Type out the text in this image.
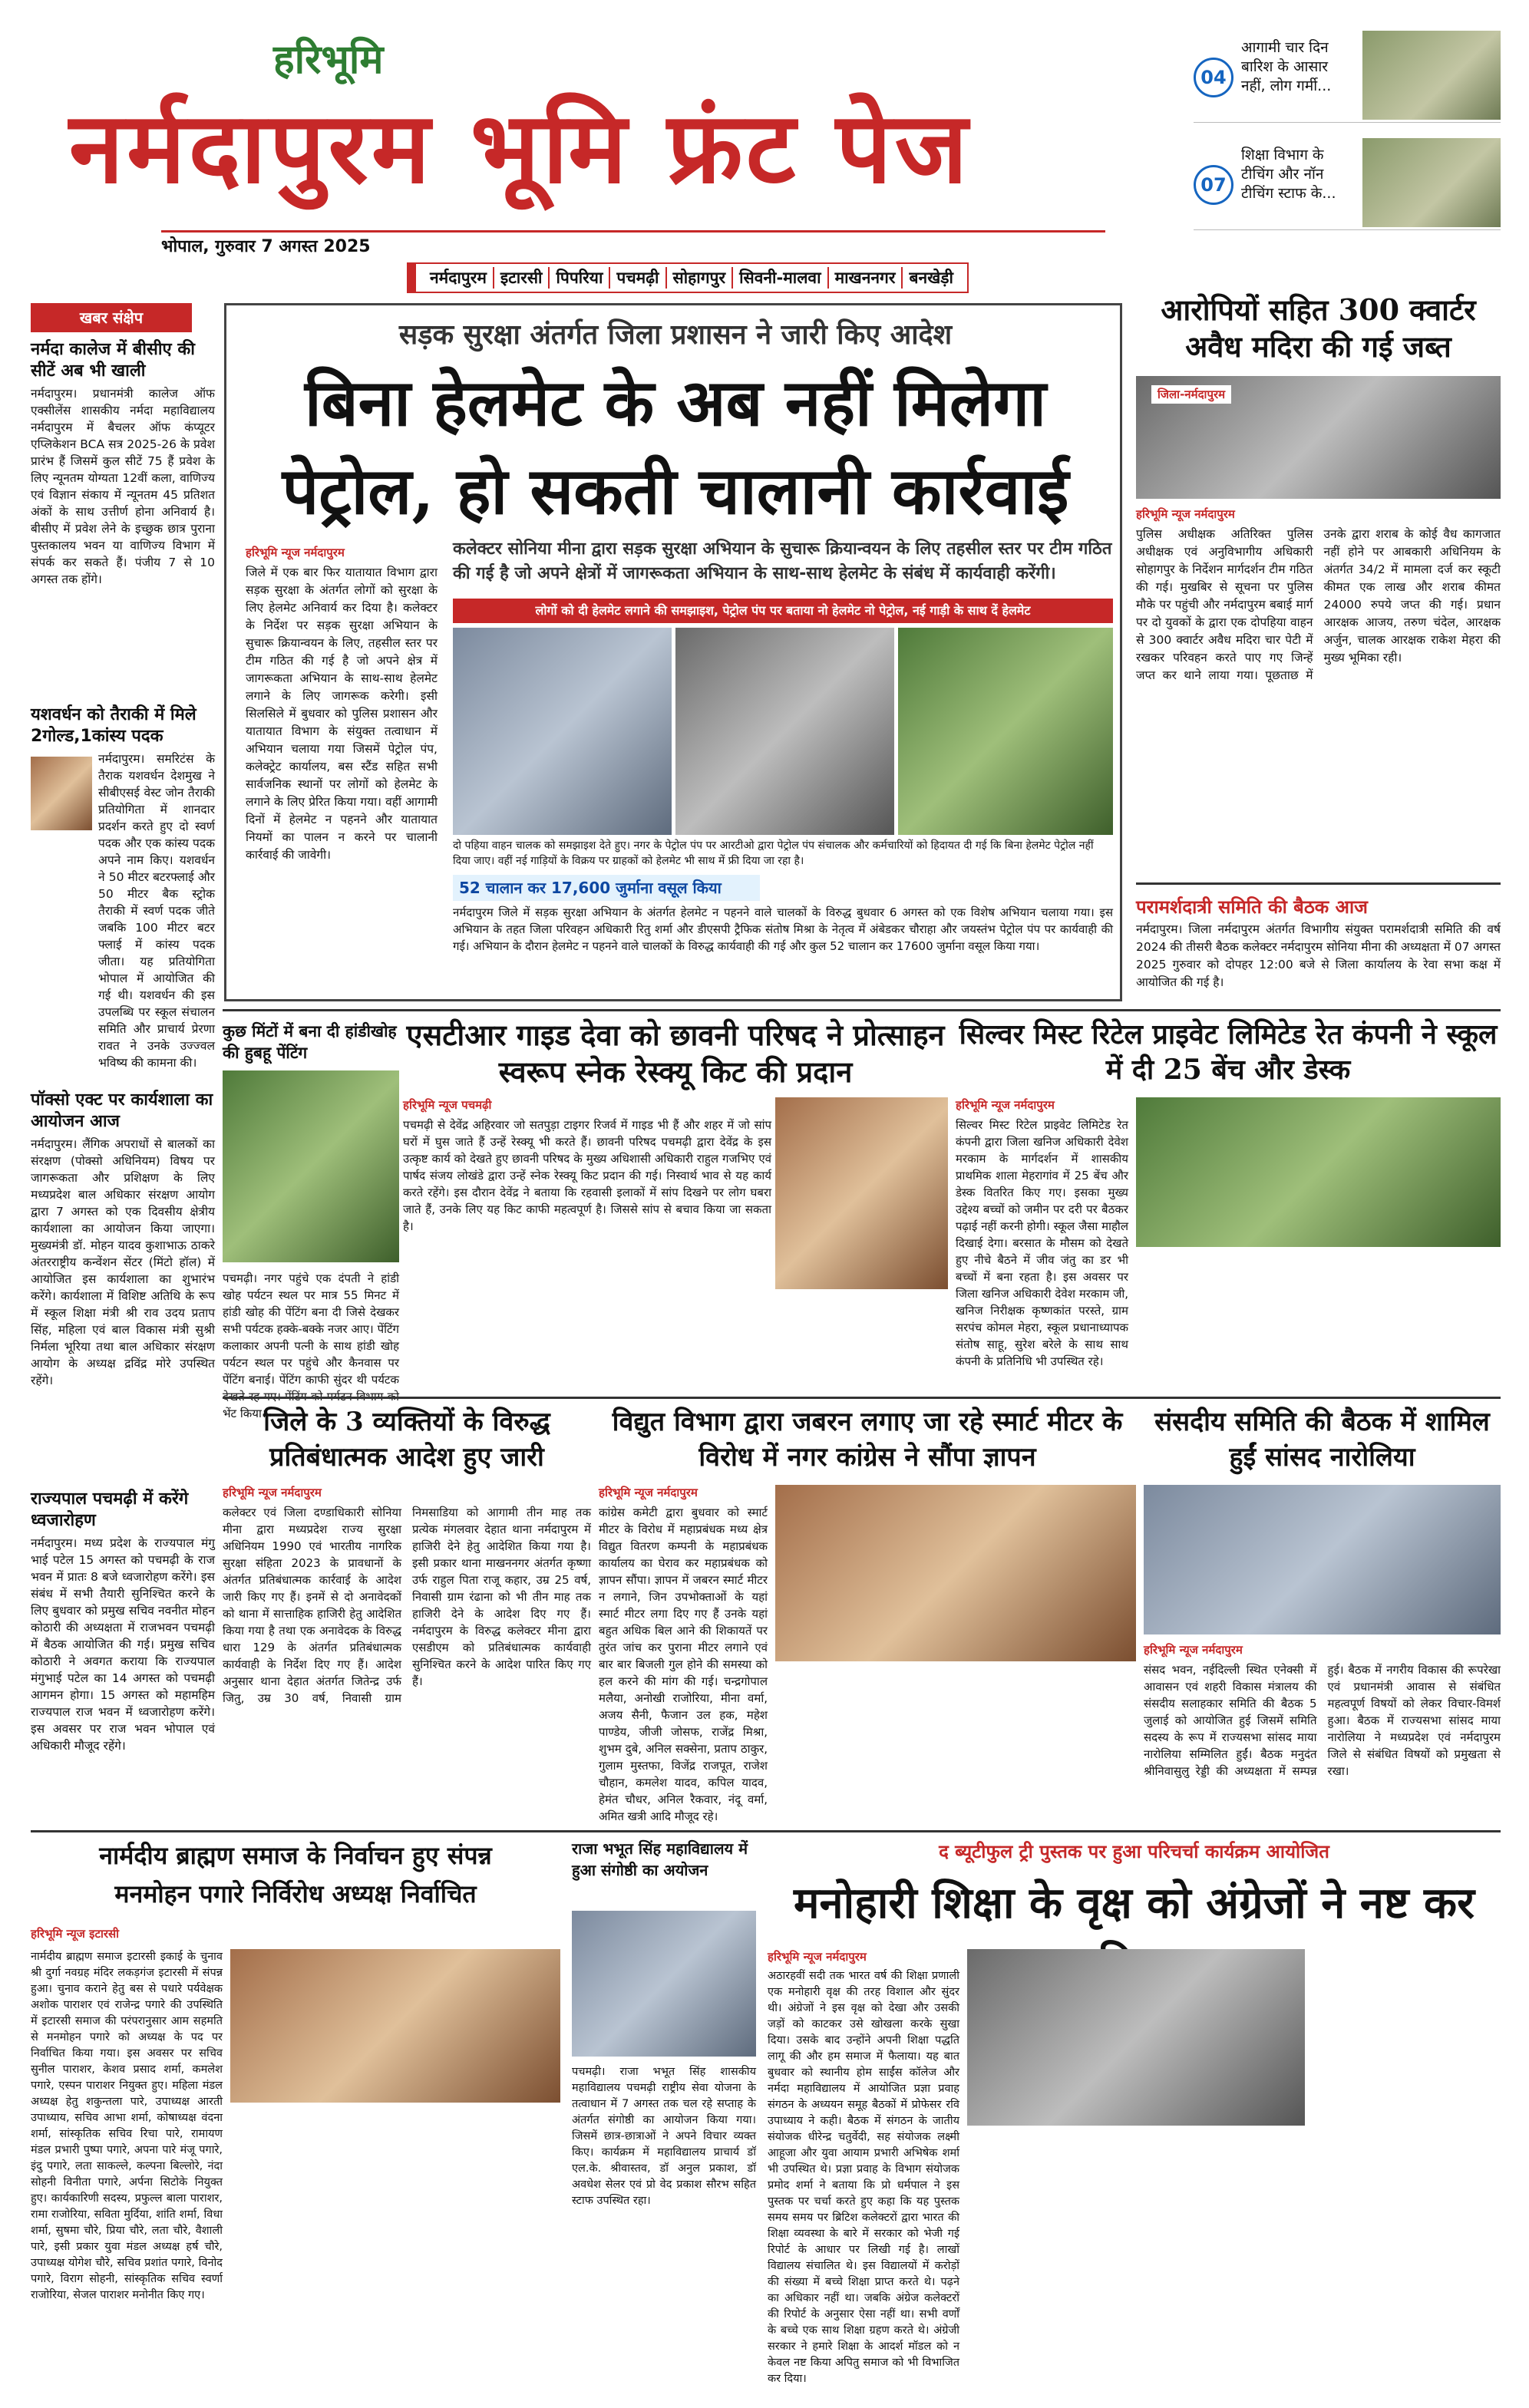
हरिभूमि
नर्मदापुरम भूमि फ्रंट पेज
भोपाल, गुरुवार 7 अगस्त 2025
04
आगामी चार दिन बारिश के आसार नहीं, लोग गर्मी...
07
शिक्षा विभाग के टीचिंग और नॉन टीचिंग स्टाफ के...
नर्मदापुरम इटारसी पिपरिया पचमढ़ी सोहागपुर सिवनी-मालवा माखननगर बनखेड़ी
खबर संक्षेप
नर्मदा कालेज में बीसीए की सीटें अब भी खाली

नर्मदापुरम। प्रधानमंत्री कालेज ऑफ एक्सीलेंस शासकीय नर्मदा महाविद्यालय नर्मदापुरम में बैचलर ऑफ कंप्यूटर एप्लिकेशन BCA सत्र 2025-26 के प्रवेश प्रारंभ हैं जिसमें कुल सीटें 75 हैं प्रवेश के लिए न्यूनतम योग्यता 12वीं कला, वाणिज्य एवं विज्ञान संकाय में न्यूनतम 45 प्रतिशत अंकों के साथ उत्तीर्ण होना अनिवार्य है। बीसीए में प्रवेश लेने के इच्छुक छात्र पुराना पुस्तकालय भवन या वाणिज्य विभाग में संपर्क कर सकते हैं। पंजीय 7 से 10 अगस्त तक होंगे।

यशवर्धन को तैराकी में मिले 2गोल्ड,1कांस्य पदक

नर्मदापुरम। समरिटंस के तैराक यशवर्धन देशमुख ने सीबीएसई वेस्ट जोन तैराकी प्रतियोगिता में शानदार प्रदर्शन करते हुए दो स्वर्ण पदक और एक कांस्य पदक अपने नाम किए। यशवर्धन ने 50 मीटर बटरफ्लाई और 50 मीटर बैक स्ट्रोक तैराकी में स्वर्ण पदक जीते जबकि 100 मीटर बटर फ्लाई में कांस्य पदक जीता। यह प्रतियोगिता भोपाल में आयोजित की गई थी। यशवर्धन की इस उपलब्धि पर स्कूल संचालन समिति और प्राचार्य प्रेरणा रावत ने उनके उज्ज्वल भविष्य की कामना की।

पॉक्सो एक्ट पर कार्यशाला का आयोजन आज

नर्मदापुरम। लैंगिक अपराधों से बालकों का संरक्षण (पोक्सो अधिनियम) विषय पर जागरूकता और प्रशिक्षण के लिए मध्यप्रदेश बाल अधिकार संरक्षण आयोग द्वारा 7 अगस्त को एक दिवसीय क्षेत्रीय कार्यशाला का आयोजन किया जाएगा। मुख्यमंत्री डॉ. मोहन यादव कुशाभाऊ ठाकरे अंतरराष्ट्रीय कन्वेंशन सेंटर (मिंटो हॉल) में आयोजित इस कार्यशाला का शुभारंभ करेंगे। कार्यशाला में विशिष्ट अतिथि के रूप में स्कूल शिक्षा मंत्री श्री राव उदय प्रताप सिंह, महिला एवं बाल विकास मंत्री सुश्री निर्मला भूरिया तथा बाल अधिकार संरक्षण आयोग के अध्यक्ष द्रविंद्र मोरे उपस्थित रहेंगे।

राज्यपाल पचमढ़ी में करेंगे ध्वजारोहण

नर्मदापुरम। मध्य प्रदेश के राज्यपाल मंगु भाई पटेल 15 अगस्त को पचमढ़ी के राज भवन में प्रातः 8 बजे ध्वजारोहण करेंगे। इस संबंध में सभी तैयारी सुनिश्चित करने के लिए बुधवार को प्रमुख सचिव नवनीत मोहन कोठारी की अध्यक्षता में राजभवन पचमढ़ी में बैठक आयोजित की गई। प्रमुख सचिव कोठारी ने अवगत कराया कि राज्यपाल मंगुभाई पटेल का 14 अगस्त को पचमढ़ी आगमन होगा। 15 अगस्त को महामहिम राज्यपाल राज भवन में ध्वजारोहण करेंगे। इस अवसर पर राज भवन भोपाल एवं अधिकारी मौजूद रहेंगे।

सड़क सुरक्षा अंतर्गत जिला प्रशासन ने जारी किए आदेश
बिना हेलमेट के अब नहीं मिलेगा
पेट्रोल, हो सकती चालानी कार्रवाई
हरिभूमि न्यूज नर्मदापुरम
जिले में एक बार फिर यातायात विभाग द्वारा सड़क सुरक्षा के अंतर्गत लोगों को सुरक्षा के लिए हेलमेट अनिवार्य कर दिया है। कलेक्टर के निर्देश पर सड़क सुरक्षा अभियान के सुचारू क्रियान्वयन के लिए, तहसील स्तर पर टीम गठित की गई है जो अपने क्षेत्र में जागरूकता अभियान के साथ-साथ हेलमेट लगाने के लिए जागरूक करेगी। इसी सिलसिले में बुधवार को पुलिस प्रशासन और यातायात विभाग के संयुक्त तत्वाधान में अभियान चलाया गया जिसमें पेट्रोल पंप, कलेक्ट्रेट कार्यालय, बस स्टैंड सहित सभी सार्वजनिक स्थानों पर लोगों को हेलमेट के लगाने के लिए प्रेरित किया गया। वहीं आगामी दिनों में हेलमेट न पहनने और यातायात नियमों का पालन न करने पर चालानी कार्रवाई की जावेगी।
कलेक्टर सोनिया मीना द्वारा सड़क सुरक्षा अभियान के सुचारू क्रियान्वयन के लिए तहसील स्तर पर टीम गठित की गई है जो अपने क्षेत्रों में जागरूकता अभियान के साथ-साथ हेलमेट के संबंध में कार्यवाही करेंगी।
लोगों को दी हेलमेट लगाने की समझाइश, पेट्रोल पंप पर बताया नो हेलमेट नो पेट्रोल, नई गाड़ी के साथ दें हेलमेट
दो पहिया वाहन चालक को समझाइश देते हुए। नगर के पेट्रोल पंप पर आरटीओ द्वारा पेट्रोल पंप संचालक और कर्मचारियों को हिदायत दी गई कि बिना हेलमेट पेट्रोल नहीं दिया जाए। वहीं नई गाड़ियों के विक्रय पर ग्राहकों को हेलमेट भी साथ में फ्री दिया जा रहा है।
52 चालान कर 17,600 जुर्माना वसूल किया
नर्मदापुरम जिले में सड़क सुरक्षा अभियान के अंतर्गत हेलमेट न पहनने वाले चालकों के विरुद्ध बुधवार 6 अगस्त को एक विशेष अभियान चलाया गया। इस अभियान के तहत जिला परिवहन अधिकारी रितु शर्मा और डीएसपी ट्रैफिक संतोष मिश्रा के नेतृत्व में अंबेडकर चौराहा और जयस्तंभ पेट्रोल पंप पर कार्यवाही की गई। अभियान के दौरान हेलमेट न पहनने वाले चालकों के विरुद्ध कार्यवाही की गई और कुल 52 चालान कर 17600 जुर्माना वसूल किया गया।
आरोपियों सहित 300 क्वार्टर अवैध मदिरा की गई जब्त
जिला-नर्मदापुरम
हरिभूमि न्यूज नर्मदापुरम
पुलिस अधीक्षक अतिरिक्त पुलिस अधीक्षक एवं अनुविभागीय अधिकारी सोहागपुर के निर्देशन मार्गदर्शन टीम गठित की गई। मुखबिर से सूचना पर पुलिस मौके पर पहुंची और नर्मदापुरम बबाई मार्ग पर दो युवकों के द्वारा एक दोपहिया वाहन से 300 क्वार्टर अवैध मदिरा चार पेटी में रखकर परिवहन करते पाए गए जिन्हें जप्त कर थाने लाया गया। पूछताछ में उनके द्वारा शराब के कोई वैध कागजात नहीं होने पर आबकारी अधिनियम के अंतर्गत 34/2 में मामला दर्ज कर स्कूटी कीमत एक लाख और शराब कीमत 24000 रुपये जप्त की गई। प्रधान आरक्षक आजय, तरुण चंदेल, आरक्षक अर्जुन, चालक आरक्षक राकेश मेहरा की मुख्य भूमिका रही।
परामर्शदात्री समिति की बैठक आज
नर्मदापुरम। जिला नर्मदापुरम अंतर्गत विभागीय संयुक्त परामर्शदात्री समिति की वर्ष 2024 की तीसरी बैठक कलेक्टर नर्मदापुरम सोनिया मीना की अध्यक्षता में 07 अगस्त 2025 गुरुवार को दोपहर 12:00 बजे से जिला कार्यालय के रेवा सभा कक्ष में आयोजित की गई है।
कुछ मिंटों में बना दी हांडीखोह की हुबहू पेंटिंग
पचमढ़ी। नगर पहुंचे एक दंपती ने हांडी खोह पर्यटन स्थल पर मात्र 55 मिनट में हांडी खोह की पेंटिंग बना दी जिसे देखकर सभी पर्यटक हक्के-बक्के नजर आए। पेंटिंग कलाकार अपनी पत्नी के साथ हांडी खोह पर्यटन स्थल पर पहुंचे और कैनवास पर पेंटिंग बनाई। पेंटिंग काफी सुंदर थी पर्यटक भेंट किया।
एसटीआर गाइड देवा को छावनी परिषद ने प्रोत्साहन स्वरूप स्नेक रेस्क्यू किट की प्रदान
हरिभूमि न्यूज पचमढ़ी
पचमढ़ी से देवेंद्र अहिरवार जो सतपुड़ा टाइगर रिजर्व में गाइड भी हैं और शहर में जो सांप घरों में घुस जाते हैं उन्हें रेस्क्यू भी करते हैं। छावनी परिषद पचमढ़ी द्वारा देवेंद्र के इस उत्कृष्ट कार्य को देखते हुए छावनी परिषद के मुख्य अधिशासी अधिकारी राहुल गजभिए एवं पार्षद संजय लोखंडे द्वारा उन्हें स्नेक रेस्क्यू किट प्रदान की गई। निस्वार्थ भाव से यह कार्य करते रहेंगे। इस दौरान देवेंद्र ने बताया कि रहवासी इलाकों में सांप दिखने पर लोग घबरा जाते हैं, उनके लिए यह किट काफी महत्वपूर्ण है। जिससे सांप से बचाव किया जा सकता है।
सिल्वर मिस्ट रिटेल प्राइवेट लिमिटेड रेत कंपनी ने स्कूल में दी 25 बेंच और डेस्क
हरिभूमि न्यूज नर्मदापुरम
सिल्वर मिस्ट रिटेल प्राइवेट लिमिटेड रेत कंपनी द्वारा जिला खनिज अधिकारी देवेश मरकाम के मार्गदर्शन में शासकीय प्राथमिक शाला मेहरागांव में 25 बेंच और डेस्क वितरित किए गए। इसका मुख्य उद्देश्य बच्चों को जमीन पर दरी पर बैठकर पढ़ाई नहीं करनी होगी। स्कूल जैसा माहौल दिखाई देगा। बरसात के मौसम को देखते हुए नीचे बैठने में जीव जंतु का डर भी बच्चों में बना रहता है। इस अवसर पर जिला खनिज अधिकारी देवेश मरकाम जी, खनिज निरीक्षक कृष्णकांत परस्ते, ग्राम सरपंच कोमल मेहरा, स्कूल प्रधानाध्यापक संतोष साहू, सुरेश बरेले के साथ साथ कंपनी के प्रतिनिधि भी उपस्थित रहे।
जिले के 3 व्यक्तियों के विरुद्ध प्रतिबंधात्मक आदेश हुए जारी
हरिभूमि न्यूज नर्मदापुरम
कलेक्टर एवं जिला दण्डाधिकारी सोनिया मीना द्वारा मध्यप्रदेश राज्य सुरक्षा अधिनियम 1990 एवं भारतीय नागरिक सुरक्षा संहिता 2023 के प्रावधानों के अंतर्गत प्रतिबंधात्मक कार्रवाई के आदेश जारी किए गए हैं। इनमें से दो अनावेदकों को थाना में सात्ताहिक हाजिरी हेतु आदेशित किया गया है तथा एक अनावेदक के विरुद्ध धारा 129 के अंतर्गत प्रतिबंधात्मक कार्यवाही के निर्देश दिए गए हैं। आदेश अनुसार थाना देहात अंतर्गत जितेन्द्र उर्फ जितु, उम्र 30 वर्ष, निवासी ग्राम निमसाडिया को आगामी तीन माह तक प्रत्येक मंगलवार देहात थाना नर्मदापुरम में हाजिरी देने हेतु आदेशित किया गया है। इसी प्रकार थाना माखननगर अंतर्गत कृष्णा उर्फ राहुल पिता राजू कहार, उम्र 25 वर्ष, निवासी ग्राम रंढाना को भी तीन माह तक हाजिरी देने के आदेश दिए गए हैं। नर्मदापुरम के विरुद्ध कलेक्टर मीना द्वारा एसडीएम को प्रतिबंधात्मक कार्यवाही सुनिश्चित करने के आदेश पारित किए गए हैं।
विद्युत विभाग द्वारा जबरन लगाए जा रहे स्मार्ट मीटर के विरोध में नगर कांग्रेस ने सौंपा ज्ञापन
हरिभूमि न्यूज नर्मदापुरम
कांग्रेस कमेटी द्वारा बुधवार को स्मार्ट मीटर के विरोध में महाप्रबंधक मध्य क्षेत्र विद्युत वितरण कम्पनी के महाप्रबंधक कार्यालय का घेराव कर महाप्रबंधक को ज्ञापन सौंपा। ज्ञापन में जबरन स्मार्ट मीटर न लगाने, जिन उपभोक्ताओं के यहां स्मार्ट मीटर लगा दिए गए हैं उनके यहां बहुत अधिक बिल आने की शिकायतें पर तुरंत जांच कर पुराना मीटर लगाने एवं बार बार बिजली गुल होने की समस्या को हल करने की मांग की गई। चन्द्रगोपाल मलैया, अनोखी राजोरिया, मीना वर्मा, अजय सैनी, फैजान उल हक, महेश पाण्डेय, जीजी जोसफ, राजेंद्र मिश्रा, शुभम दुबे, अनिल सक्सेना, प्रताप ठाकुर, गुलाम मुस्तफा, विजेंद्र राजपूत, राजेश चौहान, कमलेश यादव, कपिल यादव, हेमंत चौधर, अनिल रैकवार, नंदू वर्मा, अमित खत्री आदि मौजूद रहे।
संसदीय समिति की बैठक में शामिल हुईं सांसद नारोलिया
हरिभूमि न्यूज नर्मदापुरम
संसद भवन, नईदिल्ली स्थित एनेक्सी में आवासन एवं शहरी विकास मंत्रालय की संसदीय सलाहकार समिति की बैठक 5 जुलाई को आयोजित हुई जिसमें समिति सदस्य के रूप में राज्यसभा सांसद माया नारोलिया सम्मिलित हुईं। बैठक मनुदंत श्रीनिवासुलु रेड्डी की अध्यक्षता में सम्पन्न हुई। बैठक में नगरीय विकास की रूपरेखा एवं प्रधानमंत्री आवास से संबंधित महत्वपूर्ण विषयों को लेकर विचार-विमर्श हुआ। बैठक में राज्यसभा सांसद माया नारोलिया ने मध्यप्रदेश एवं नर्मदापुरम जिले से संबंधित विषयों को प्रमुखता से रखा।
नार्मदीय ब्राह्मण समाज के निर्वाचन हुए संपन्न
मनमोहन पगारे निर्विरोध अध्यक्ष निर्वाचित
हरिभूमि न्यूज इटारसी
नार्मदीय ब्राह्मण समाज इटारसी इकाई के चुनाव श्री दुर्गा नवग्रह मंदिर लकड़गंज इटारसी में संपन्न हुआ। चुनाव कराने हेतु बस से पधारे पर्यवेक्षक अशोक पाराशर एवं राजेन्द्र पगारे की उपस्थिति में इटारसी समाज की परंपरानुसार आम सहमति से मनमोहन पगारे को अध्यक्ष के पद पर निर्वाचित किया गया। इस अवसर पर सचिव सुनील पाराशर, केशव प्रसाद शर्मा, कमलेश पगारे, एस्पन पाराशर नियुक्त हुए। महिला मंडल अध्यक्ष हेतु शकुन्तला पारे, उपाध्यक्ष आरती उपाध्याय, सचिव आभा शर्मा, कोषाध्यक्ष वंदना शर्मा, सांस्कृतिक सचिव रिचा पारे, रामायण मंडल प्रभारी पुष्पा पगारे, अपना पारे मंजू पगारे, इंदु पगारे, लता साकल्ले, कल्पना बिल्लोरे, नंदा सोहनी विनीता पगारे, अर्पना सिटोके नियुक्त हुए। कार्यकारिणी सदस्य, प्रफुल्ल बाला पाराशर, रामा राजोरिया, सविता मुर्दिया, शांति शर्मा, विधा शर्मा, सुषमा चौरे, प्रिया चौरे, लता चौरे, वैशाली पारे, इसी प्रकार युवा मंडल अध्यक्ष हर्ष चौरे, उपाध्यक्ष योगेश चौरे, सचिव प्रशांत पगारे, विनोद पगारे, विराग सोहनी, सांस्कृतिक सचिव स्वर्णा राजोरिया, सेजल पाराशर मनोनीत किए गए।
राजा भभूत सिंह महाविद्यालय में हुआ संगोष्ठी का अयोजन
पचमढ़ी। राजा भभूत सिंह शासकीय महाविद्यालय पचमढ़ी राष्ट्रीय सेवा योजना के तत्वाधान में 7 अगस्त तक चल रहे सप्ताह के अंतर्गत संगोष्ठी का आयोजन किया गया। जिसमें छात्र-छात्राओं ने अपने विचार व्यक्त किए। कार्यक्रम में महाविद्यालय प्राचार्य डॉ एल.के. श्रीवास्तव, डॉ अनुल प्रकाश, डॉ अवधेश सेलर एवं प्रो वेद प्रकाश सौरभ सहित स्टाफ उपस्थित रहा।
द ब्यूटीफुल ट्री पुस्तक पर हुआ परिचर्चा कार्यक्रम आयोजित
मनोहारी शिक्षा के वृक्ष को अंग्रेजों ने नष्ट कर
हरिभूमि न्यूज नर्मदापुरम
अठारहवीं सदी तक भारत वर्ष की शिक्षा प्रणाली एक मनोहारी वृक्ष की तरह विशाल और सुंदर थी। अंग्रेजों ने इस वृक्ष को देखा और उसकी जड़ों को काटकर उसे खोखला करके सुखा दिया। उसके बाद उन्होंने अपनी शिक्षा पद्धति लागू की और हम समाज में फैलाया। यह बात बुधवार को स्थानीय होम साईंस कॉलेज और नर्मदा महाविद्यालय में आयोजित प्रज्ञा प्रवाह संगठन के अध्ययन समूह बैठकों में प्रोफेसर रवि उपाध्याय ने कही। बैठक में संगठन के जातीय संयोजक धीरेन्द्र चतुर्वेदी, सह संयोजक लक्ष्मी आहूजा और युवा आयाम प्रभारी अभिषेक शर्मा भी उपस्थित थे। प्रज्ञा प्रवाह के विभाग संयोजक प्रमोद शर्मा ने बताया कि प्रो धर्मपाल ने इस पुस्तक पर चर्चा करते हुए कहा कि यह पुस्तक समय समय पर ब्रिटिश कलेक्टरों द्वारा भारत की शिक्षा व्यवस्था के बारे में सरकार को भेजी गई रिपोर्ट के आधार पर लिखी गई है। लाखों विद्यालय संचालित थे। इस विद्यालयों में करोड़ों की संख्या में बच्चे शिक्षा प्राप्त करते थे। पढ़ने का अधिकार नहीं था। जबकि अंग्रेज कलेक्टरों की रिपोर्ट के अनुसार ऐसा नहीं था। सभी वर्णों के बच्चे एक साथ शिक्षा ग्रहण करते थे। अंग्रेजी सरकार ने हमारे शिक्षा के आदर्श मॉडल को न केवल नष्ट किया अपितु समाज को भी विभाजित कर दिया।
